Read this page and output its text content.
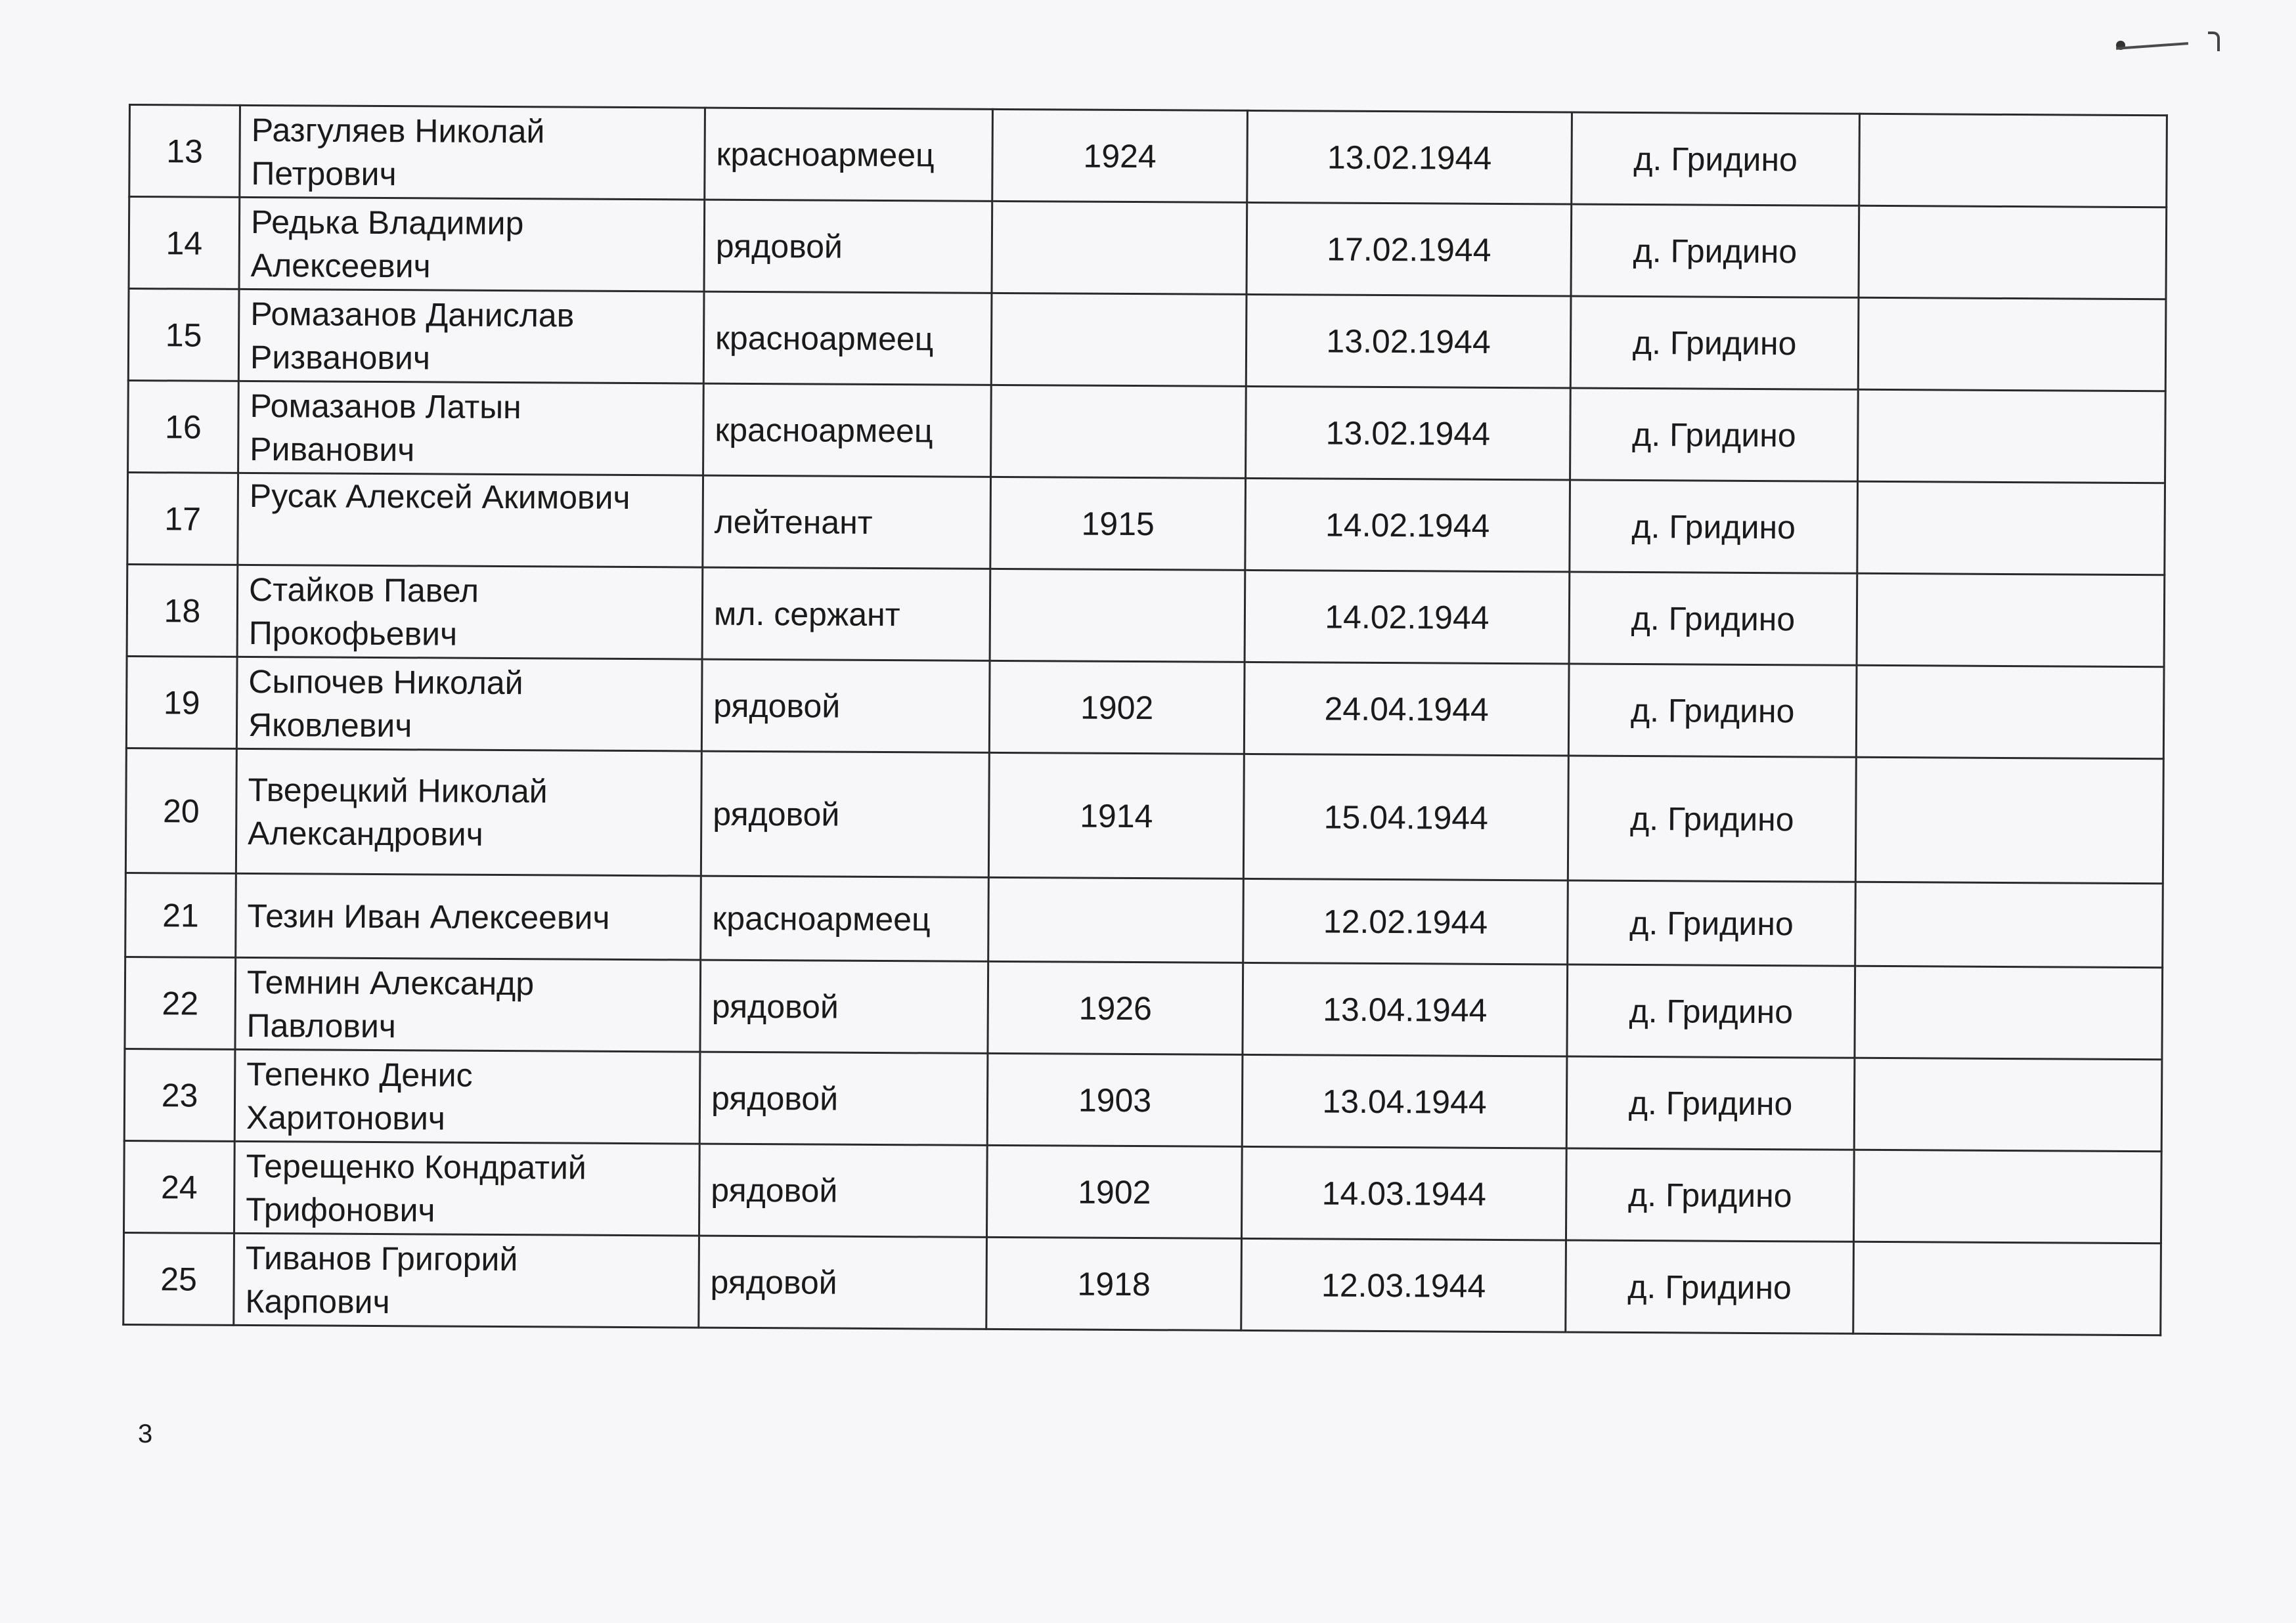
13	Разгуляев Николай
Петрович	красноармеец	1924	13.02.1944	д. Гридино	
14	Редька Владимир
Алексеевич	рядовой		17.02.1944	д. Гридино	
15	Ромазанов Данислав
Ризванович	красноармеец		13.02.1944	д. Гридино	
16	Ромазанов Латын
Риванович	красноармеец		13.02.1944	д. Гридино	
17	Русак Алексей Акимович	лейтенант	1915	14.02.1944	д. Гридино	
18	Стайков Павел
Прокофьевич	мл. сержант		14.02.1944	д. Гридино	
19	Сыпочев Николай
Яковлевич	рядовой	1902	24.04.1944	д. Гридино	
20	Тверецкий Николай
Александрович	рядовой	1914	15.04.1944	д. Гридино	
21	Тезин Иван Алексеевич	красноармеец		12.02.1944	д. Гридино	
22	Темнин Александр
Павлович	рядовой	1926	13.04.1944	д. Гридино	
23	Тепенко Денис
Харитонович	рядовой	1903	13.04.1944	д. Гридино	
24	Терещенко Кондратий
Трифонович	рядовой	1902	14.03.1944	д. Гридино	
25	Тиванов Григорий
Карпович	рядовой	1918	12.03.1944	д. Гридино	
3
